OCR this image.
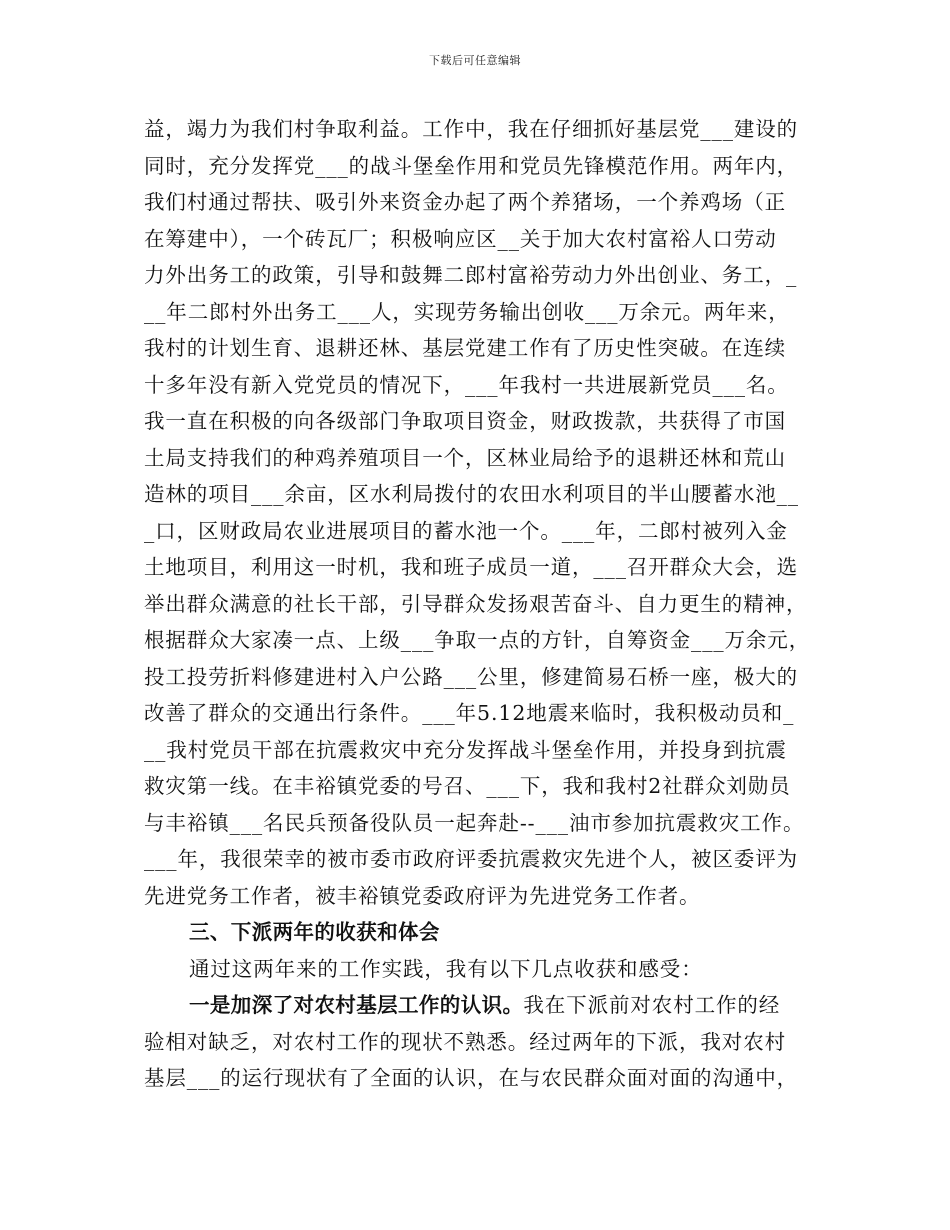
下载后可任意编辑
益，竭力为我们村争取利益。工作中，我在仔细抓好基层党___建设的
同时，充分发挥党___的战斗堡垒作用和党员先锋模范作用。两年内，
我们村通过帮扶、吸引外来资金办起了两个养猪场，一个养鸡场（正
在筹建中），一个砖瓦厂；积极响应区__关于加大农村富裕人口劳动
力外出务工的政策，引导和鼓舞二郎村富裕劳动力外出创业、务工，_
__年二郎村外出务工___人，实现劳务输出创收___万余元。两年来，
我村的计划生育、退耕还林、基层党建工作有了历史性突破。在连续
十多年没有新入党党员的情况下，___年我村一共进展新党员___名。
我一直在积极的向各级部门争取项目资金，财政拨款，共获得了市国
土局支持我们的种鸡养殖项目一个，区林业局给予的退耕还林和荒山
造林的项目___余亩，区水利局拨付的农田水利项目的半山腰蓄水池__
_口，区财政局农业进展项目的蓄水池一个。___年，二郎村被列入金
土地项目，利用这一时机，我和班子成员一道，___召开群众大会，选
举出群众满意的社长干部，引导群众发扬艰苦奋斗、自力更生的精神，
根据群众大家凑一点、上级___争取一点的方针，自筹资金___万余元，
投工投劳折料修建进村入户公路___公里，修建简易石桥一座，极大的
改善了群众的交通出行条件。___年5.12地震来临时，我积极动员和_
__我村党员干部在抗震救灾中充分发挥战斗堡垒作用，并投身到抗震
救灾第一线。在丰裕镇党委的号召、___下，我和我村2社群众刘勋员
与丰裕镇___名民兵预备役队员一起奔赴--___油市参加抗震救灾工作。
___年，我很荣幸的被市委市政府评委抗震救灾先进个人，被区委评为
先进党务工作者，被丰裕镇党委政府评为先进党务工作者。
三、下派两年的收获和体会
通过这两年来的工作实践，我有以下几点收获和感受：
一是加深了对农村基层工作的认识。我在下派前对农村工作的经
验相对缺乏，对农村工作的现状不熟悉。经过两年的下派，我对农村
基层___的运行现状有了全面的认识，在与农民群众面对面的沟通中，
